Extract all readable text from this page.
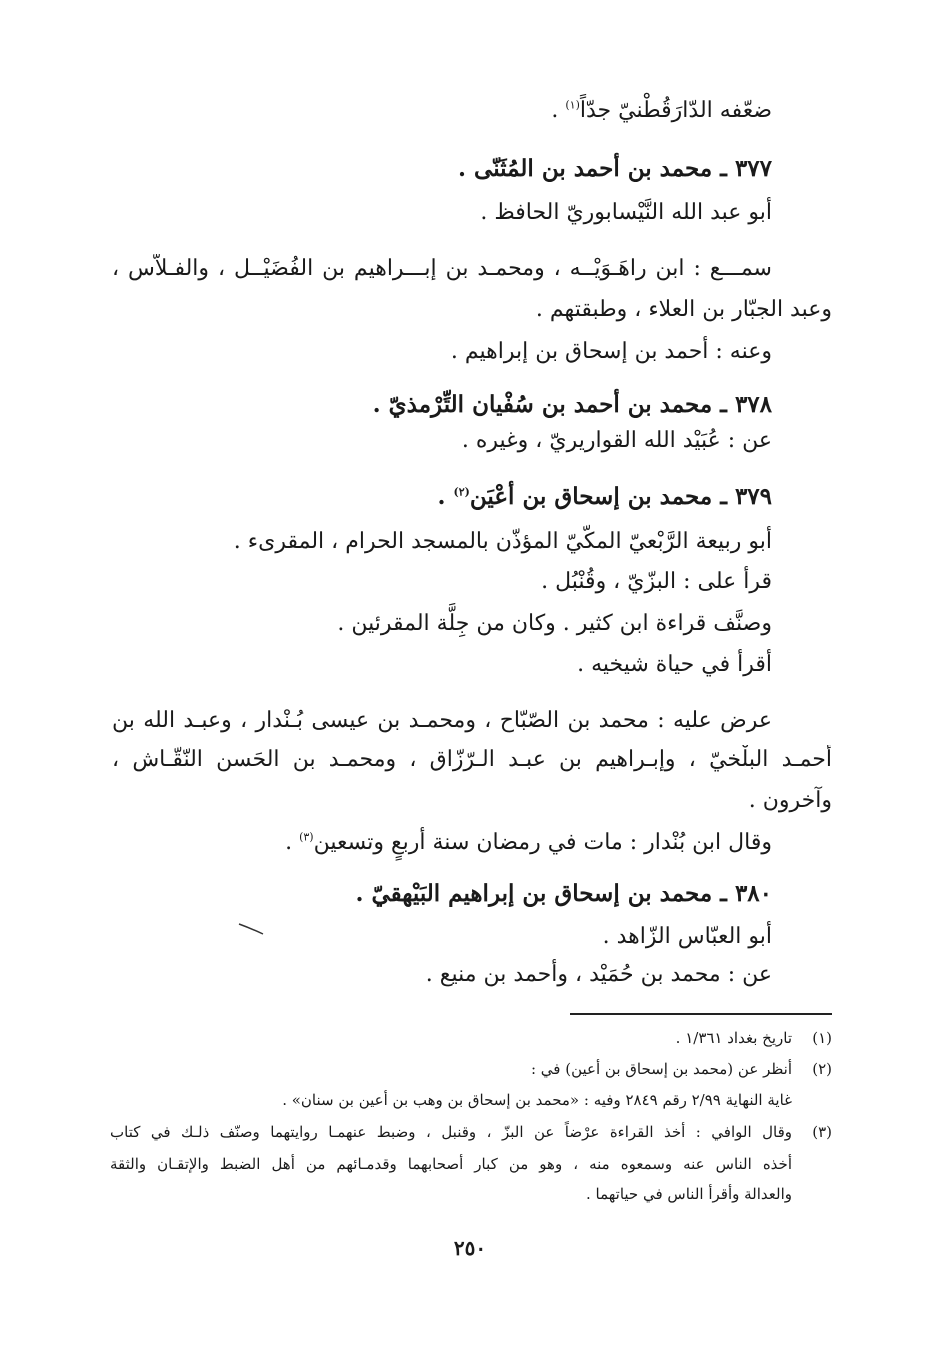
ضعّفه الدّارَقُطْنيّ جدّاً$^{(١)}$ .
٣٧٧ ـ محمد بن أحمد بن المُثَنّى .
أبو عبد الله النَّيْسابوريّ الحافظ .
سمـــع : ابن راهَـوَيْــه ، ومحمـد بن إبـــراهيم بن الفُضَيْــل ، والفـلاّس ،
وعبد الجبّار بن العلاء ، وطبقتهم .
وعنه : أحمد بن إسحاق بن إبراهيم .
٣٧٨ ـ محمد بن أحمد بن سُفْيان التِّرْمذيّ .
عن : عُبَيْد الله القواريريّ ، وغيره .
٣٧٩ ـ محمد بن إسحاق بن أعْيَن$^{(٢)}$ .
أبو ربيعة الرَّبْعيّ المكّيّ المؤذّن بالمسجد الحرام ، المقرىء .
قرأ على : البزّيّ ، وقُنْبُل .
وصنَّف قراءة ابن كثير . وكان من جِلَّة المقرئين .
أقرأ في حياة شيخيه .
عرض عليه : محمد بن الصّبّاح ، ومحمـد بن عيسى بُـنْدار ، وعبـد الله بن
أحمـد البلْخيّ ، وإبـراهيم بن عبـد الـرّزّاق ، ومحمـد بن الحَسن النّقّـاش ،
وآخرون .
وقال ابن بُنْدار : مات في رمضان سنة أربعٍ وتسعين$^{(٣)}$ .
٣٨٠ ـ محمد بن إسحاق بن إبراهيم البَيْهقيّ .
أبو العبّاس الزّاهد .
عن : محمد بن حُمَيْد ، وأحمد بن منيع .
(١)
تاريخ بغداد ١/٣٦١ .
(٢)
أنظر عن (محمد بن إسحاق بن أعين) في :
غاية النهاية ٢/٩٩ رقم ٢٨٤٩ وفيه : «محمد بن إسحاق بن وهب بن أعين بن سنان» .
(٣)
وقال الوافي : أخذ القراءة عرْضاً عن البزّ ، وقنبل ، وضبط عنهمـا روايتهما وصنّف ذلـك في كتاب
أخذه الناس عنه وسمعوه منه ، وهو من كبار أصحابهما وقدمـائهم من أهل الضبط والإتقـان والثقة
والعدالة وأقرأ الناس في حياتهما .
٢٥٠
